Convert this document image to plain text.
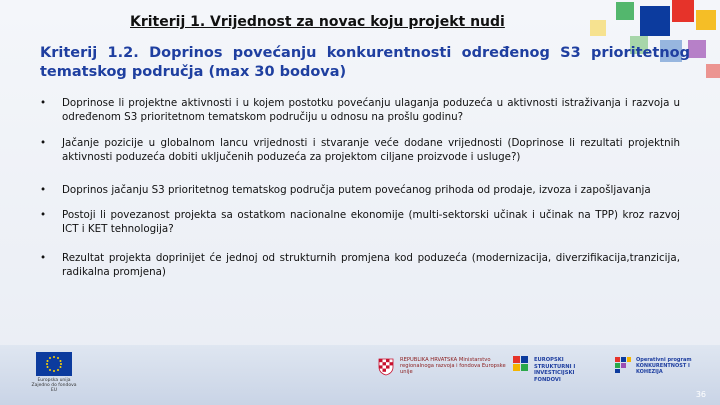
Kriterij 1. Vrijednost za novac koju projekt nudi
Kriterij 1.2. Doprinos povećanju konkurentnosti određenog S3 prioritetnog
tematskog područja (max 30 bodova)
• Doprinose li projektne aktivnosti i u kojem postotku povećanju ulaganja poduzeća u aktivnosti istraživanja i razvoja u određenom S3 prioritetnom tematskom područiju u odnosu na prošlu godinu?
• Jačanje pozicije u globalnom lancu vrijednosti i stvaranje veće dodane vrijednosti (Doprinose li rezultati projektnih aktivnosti poduzeća dobiti uključenih poduzeća za projektom ciljane proizvode i usluge?)
• Doprinos jačanju S3 prioritetnog tematskog područja putem povećanog prihoda od prodaje, izvoza i zapošljavanja
• Postoji li povezanost projekta sa ostatkom nacionalne ekonomije (multi-sektorski učinak i učinak na TPP) kroz razvoj ICT i KET tehnologija?
• Rezultat projekta doprinijet će jednoj od strukturnih promjena kod poduzeća (modernizacija, diverzifikacija,tranzicija, radikalna promjena)
Europska unija Zajedno do fondova EU
REPUBLIKA HRVATSKA Ministarstvo regionalnoga razvoja i fondova Europske unije
EUROPSKI STRUKTURNI I INVESTICIJSKI FONDOVI
Operativni program KONKURENTNOST I KOHEZIJA
36
